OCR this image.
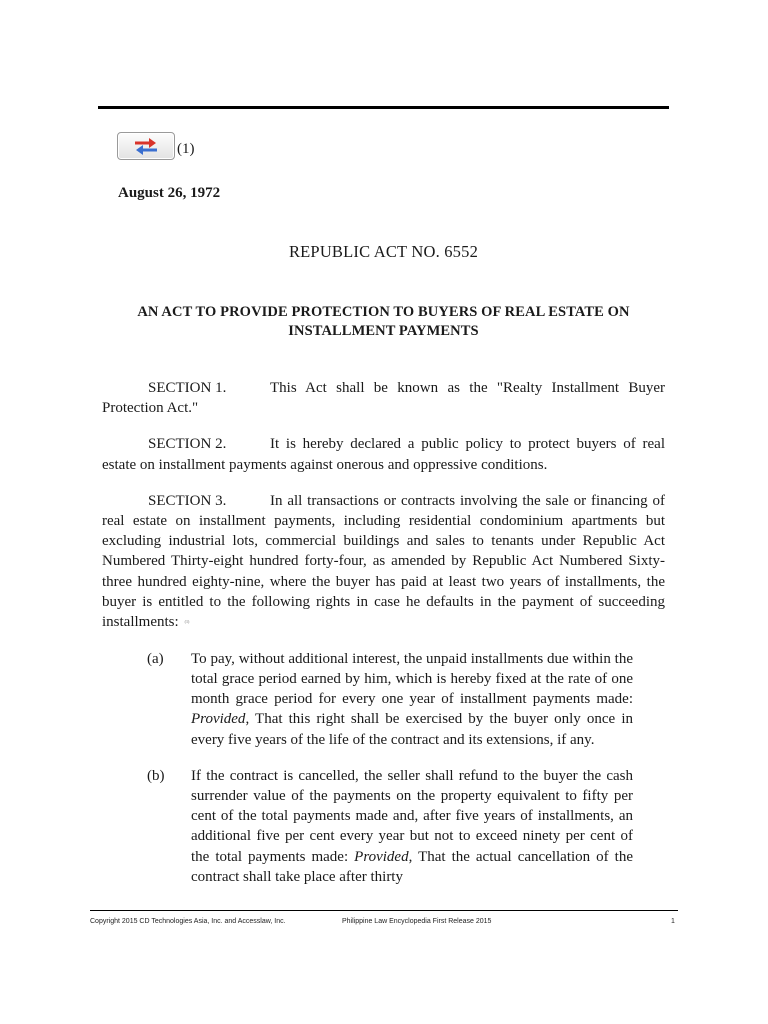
(1)
August 26, 1972
REPUBLIC ACT NO. 6552
AN ACT TO PROVIDE PROTECTION TO BUYERS OF REAL ESTATE ON
INSTALLMENT PAYMENTS

SECTION 1.	This Act shall be known as the "Realty Installment Buyer Protection Act."

SECTION 2.	It is hereby declared a public policy to protect buyers of real estate on installment payments against onerous and oppressive conditions.

SECTION 3.	In all transactions or contracts involving the sale or financing of real estate on installment payments, including residential condominium apartments but excluding industrial lots, commercial buildings and sales to tenants under Republic Act Numbered Thirty-eight hundred forty-four, as amended by Republic Act Numbered Sixty-three hundred eighty-nine, where the buyer has paid at least two years of installments, the buyer is entitled to the following rights in case he defaults in the payment of succeeding installments: (1)

(a)	To pay, without additional interest, the unpaid installments due within the total grace period earned by him, which is hereby fixed at the rate of one month grace period for every one year of installment payments made: Provided, That this right shall be exercised by the buyer only once in every five years of the life of the contract and its extensions, if any.
(b)	If the contract is cancelled, the seller shall refund to the buyer the cash surrender value of the payments on the property equivalent to fifty per cent of the total payments made and, after five years of installments, an additional five per cent every year but not to exceed ninety per cent of the total payments made: Provided, That the actual cancellation of the contract shall take place after thirty
Copyright 2015 CD Technologies Asia, Inc. and Accesslaw, Inc.	Philippine Law Encyclopedia First Release 2015	1
